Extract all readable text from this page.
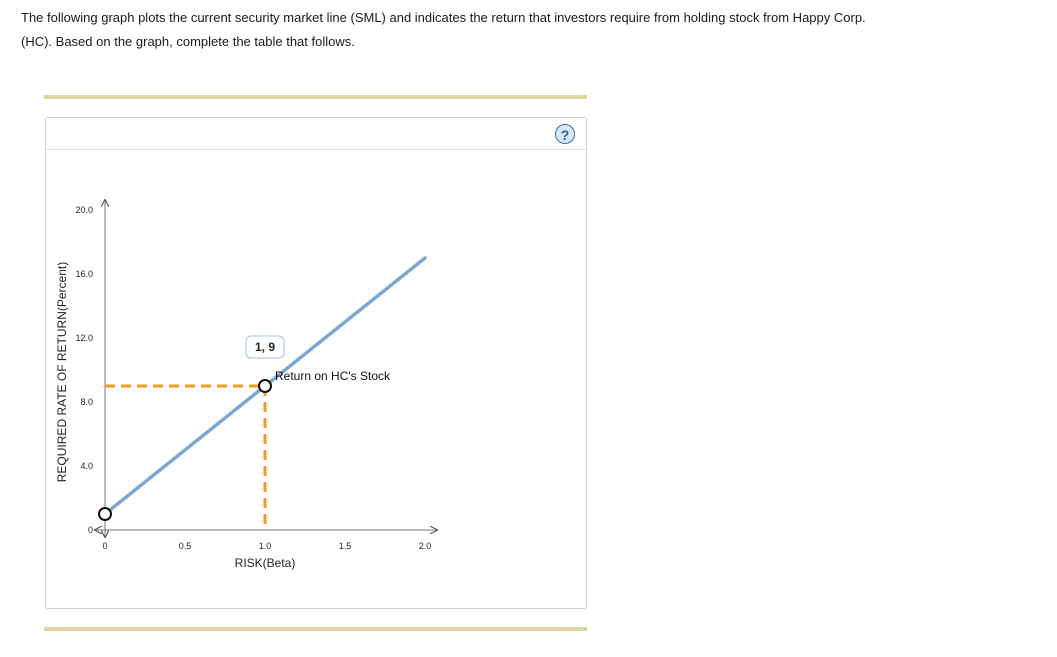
The following graph plots the current security market line (SML) and indicates the return that investors require from holding stock from Happy Corp.
(HC). Based on the graph, complete the table that follows.
?
0
4.0
8.0
12.0
16.0
20.0
0	0.5	1.0	1.5	2.0
RISK(Beta)
REQUIRED RATE OF RETURN(Percent)	1, 9
Return on HC's Stock
